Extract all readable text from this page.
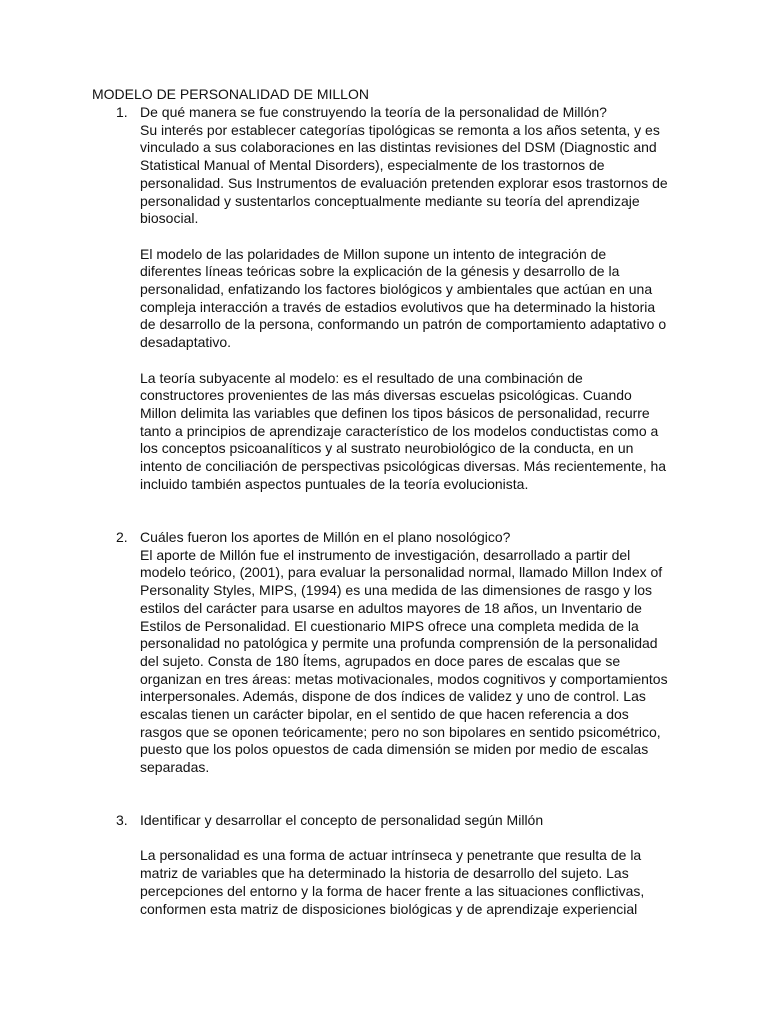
MODELO DE PERSONALIDAD DE MILLON
1. De qué manera se fue construyendo la teoría de la personalidad de Millón?
Su interés por establecer categorías tipológicas se remonta a los años setenta, y es
vinculado a sus colaboraciones en las distintas revisiones del DSM (Diagnostic and
Statistical Manual of Mental Disorders), especialmente de los trastornos de
personalidad. Sus Instrumentos de evaluación pretenden explorar esos trastornos de
personalidad y sustentarlos conceptualmente mediante su teoría del aprendizaje
biosocial.
El modelo de las polaridades de Millon supone un intento de integración de
diferentes líneas teóricas sobre la explicación de la génesis y desarrollo de la
personalidad, enfatizando los factores biológicos y ambientales que actúan en una
compleja interacción a través de estadios evolutivos que ha determinado la historia
de desarrollo de la persona, conformando un patrón de comportamiento adaptativo o
desadaptativo.
La teoría subyacente al modelo: es el resultado de una combinación de
constructores provenientes de las más diversas escuelas psicológicas. Cuando
Millon delimita las variables que definen los tipos básicos de personalidad, recurre
tanto a principios de aprendizaje característico de los modelos conductistas como a
los conceptos psicoanalíticos y al sustrato neurobiológico de la conducta, en un
intento de conciliación de perspectivas psicológicas diversas. Más recientemente, ha
incluido también aspectos puntuales de la teoría evolucionista.
2. Cuáles fueron los aportes de Millón en el plano nosológico?
El aporte de Millón fue el instrumento de investigación, desarrollado a partir del
modelo teórico, (2001), para evaluar la personalidad normal, llamado Millon Index of
Personality Styles, MIPS, (1994) es una medida de las dimensiones de rasgo y los
estilos del carácter para usarse en adultos mayores de 18 años, un Inventario de
Estilos de Personalidad. El cuestionario MIPS ofrece una completa medida de la
personalidad no patológica y permite una profunda comprensión de la personalidad
del sujeto. Consta de 180 Ítems, agrupados en doce pares de escalas que se
organizan en tres áreas: metas motivacionales, modos cognitivos y comportamientos
interpersonales. Además, dispone de dos índices de validez y uno de control. Las
escalas tienen un carácter bipolar, en el sentido de que hacen referencia a dos
rasgos que se oponen teóricamente; pero no son bipolares en sentido psicométrico,
puesto que los polos opuestos de cada dimensión se miden por medio de escalas
separadas.
3. Identificar y desarrollar el concepto de personalidad según Millón
La personalidad es una forma de actuar intrínseca y penetrante que resulta de la
matriz de variables que ha determinado la historia de desarrollo del sujeto. Las
percepciones del entorno y la forma de hacer frente a las situaciones conflictivas,
conformen esta matriz de disposiciones biológicas y de aprendizaje experiencial
